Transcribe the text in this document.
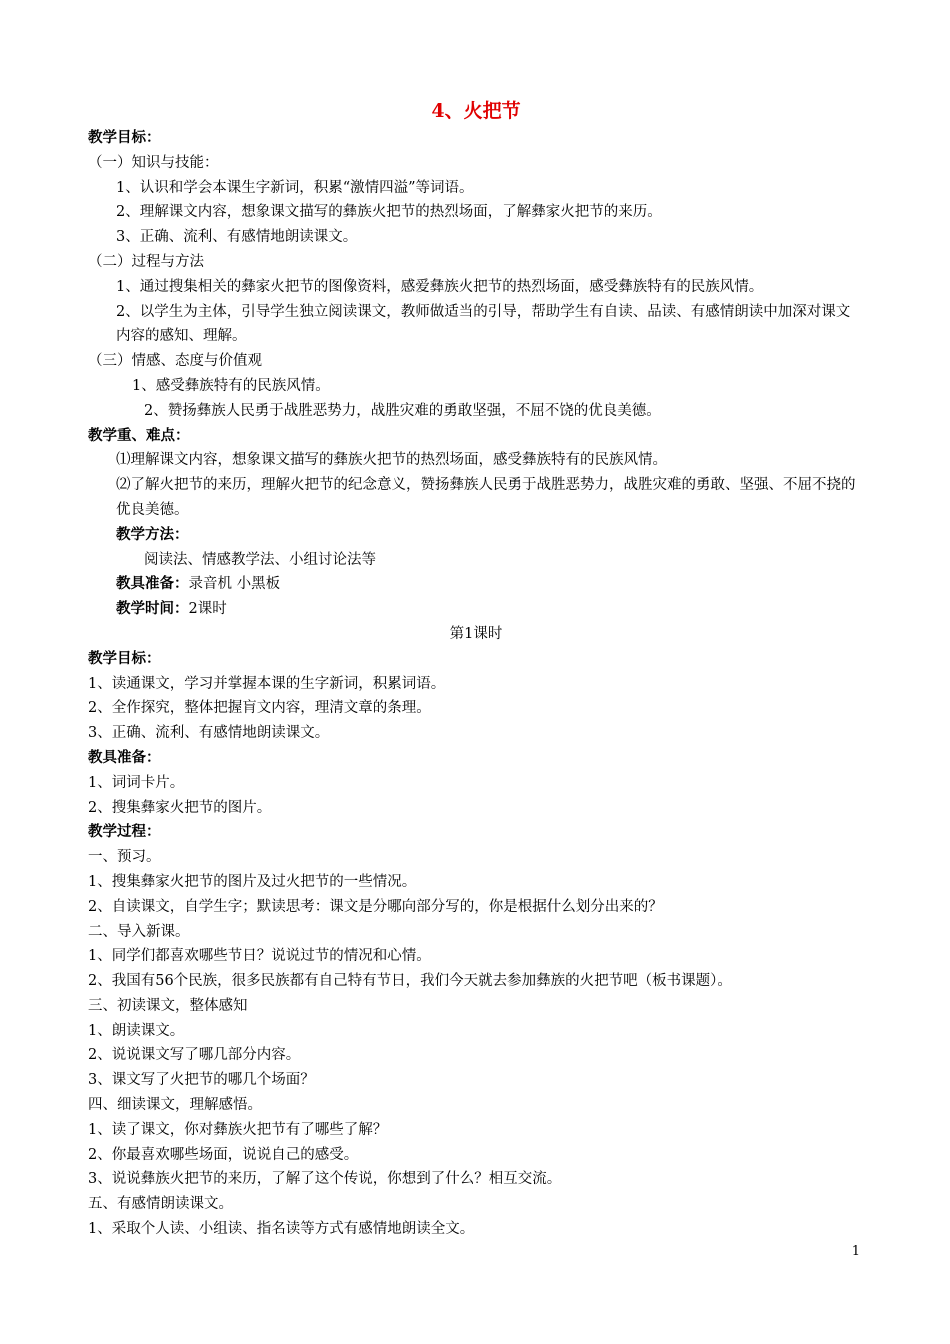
4、火把节
教学目标：
（一）知识与技能：
1、认识和学会本课生字新词，积累“激情四溢”等词语。
2、理解课文内容，想象课文描写的彝族火把节的热烈场面，了解彝家火把节的来历。
3、正确、流利、有感情地朗读课文。
（二）过程与方法
1、通过搜集相关的彝家火把节的图像资料，感爱彝族火把节的热烈场面，感受彝族特有的民族风情。
2、以学生为主体，引导学生独立阅读课文，教师做适当的引导，帮助学生有自读、品读、有感情朗读中加深对课文内容的感知、理解。
（三）情感、态度与价值观
1、感受彝族特有的民族风情。
2、赞扬彝族人民勇于战胜恶势力，战胜灾难的勇敢坚强，不屈不饶的优良美德。
教学重、难点：
⑴理解课文内容，想象课文描写的彝族火把节的热烈场面，感受彝族特有的民族风情。
⑵了解火把节的来历，理解火把节的纪念意义，赞扬彝族人民勇于战胜恶势力，战胜灾难的勇敢、坚强、不屈不挠的优良美德。
教学方法：
阅读法、情感教学法、小组讨论法等
教具准备：录音机 小黑板
教学时间：2课时
第1课时
教学目标：
1、读通课文，学习并掌握本课的生字新词，积累词语。
2、全作探究，整体把握肓文内容，理清文章的条理。
3、正确、流利、有感情地朗读课文。
教具准备：
1、词词卡片。
2、搜集彝家火把节的图片。
教学过程：
一、预习。
1、搜集彝家火把节的图片及过火把节的一些情况。
2、自读课文，自学生字；默读思考：课文是分哪向部分写的，你是根据什么划分出来的？
二、导入新课。
1、同学们都喜欢哪些节日？说说过节的情况和心情。
2、我国有56个民族，很多民族都有自己特有节日，我们今天就去参加彝族的火把节吧（板书课题）。
三、初读课文，整体感知
1、朗读课文。
2、说说课文写了哪几部分内容。
3、课文写了火把节的哪几个场面？
四、细读课文，理解感悟。
1、读了课文，你对彝族火把节有了哪些了解？
2、你最喜欢哪些场面，说说自己的感受。
3、说说彝族火把节的来历，了解了这个传说，你想到了什么？相互交流。
五、有感情朗读课文。
1、采取个人读、小组读、指名读等方式有感情地朗读全文。
1
